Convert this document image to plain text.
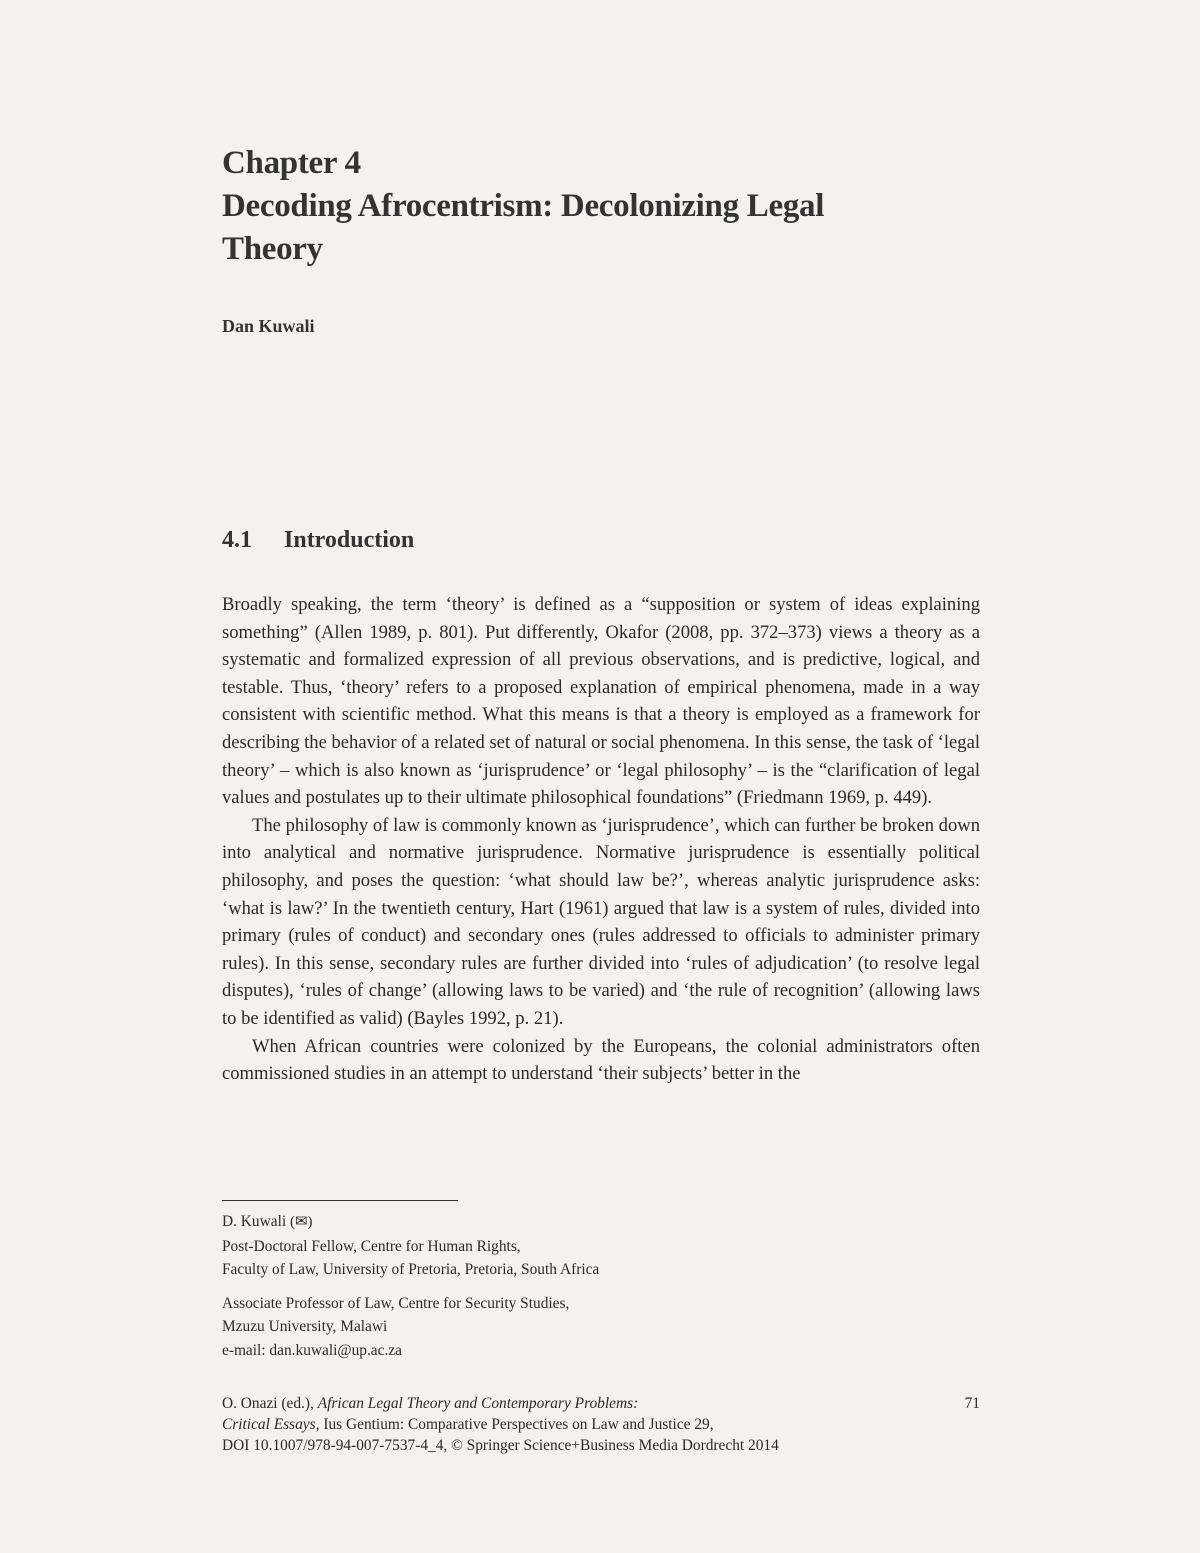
Chapter 4
Decoding Afrocentrism: Decolonizing Legal Theory
Dan Kuwali
4.1 Introduction

Broadly speaking, the term ‘theory’ is defined as a “supposition or system of ideas explaining something” (Allen 1989, p. 801). Put differently, Okafor (2008, pp. 372–373) views a theory as a systematic and formalized expression of all previous observations, and is predictive, logical, and testable. Thus, ‘theory’ refers to a proposed explanation of empirical phenomena, made in a way consistent with scientific method. What this means is that a theory is employed as a framework for describing the behavior of a related set of natural or social phenomena. In this sense, the task of ‘legal theory’ – which is also known as ‘jurisprudence’ or ‘legal philosophy’ – is the “clarification of legal values and postulates up to their ultimate philosophical foundations” (Friedmann 1969, p. 449).

The philosophy of law is commonly known as ‘jurisprudence’, which can further be broken down into analytical and normative jurisprudence. Normative jurisprudence is essentially political philosophy, and poses the question: ‘what should law be?’, whereas analytic jurisprudence asks: ‘what is law?’ In the twentieth century, Hart (1961) argued that law is a system of rules, divided into primary (rules of conduct) and secondary ones (rules addressed to officials to administer primary rules). In this sense, secondary rules are further divided into ‘rules of adjudication’ (to resolve legal disputes), ‘rules of change’ (allowing laws to be varied) and ‘the rule of recognition’ (allowing laws to be identified as valid) (Bayles 1992, p. 21).

When African countries were colonized by the Europeans, the colonial administrators often commissioned studies in an attempt to understand ‘their subjects’ better in the

D. Kuwali (✉)
Post-Doctoral Fellow, Centre for Human Rights,
Faculty of Law, University of Pretoria, Pretoria, South Africa
Associate Professor of Law, Centre for Security Studies,
Mzuzu University, Malawi
e-mail: dan.kuwali@up.ac.za
O. Onazi (ed.), African Legal Theory and Contemporary Problems:
Critical Essays, Ius Gentium: Comparative Perspectives on Law and Justice 29,
DOI 10.1007/978-94-007-7537-4_4, © Springer Science+Business Media Dordrecht 2014
71
